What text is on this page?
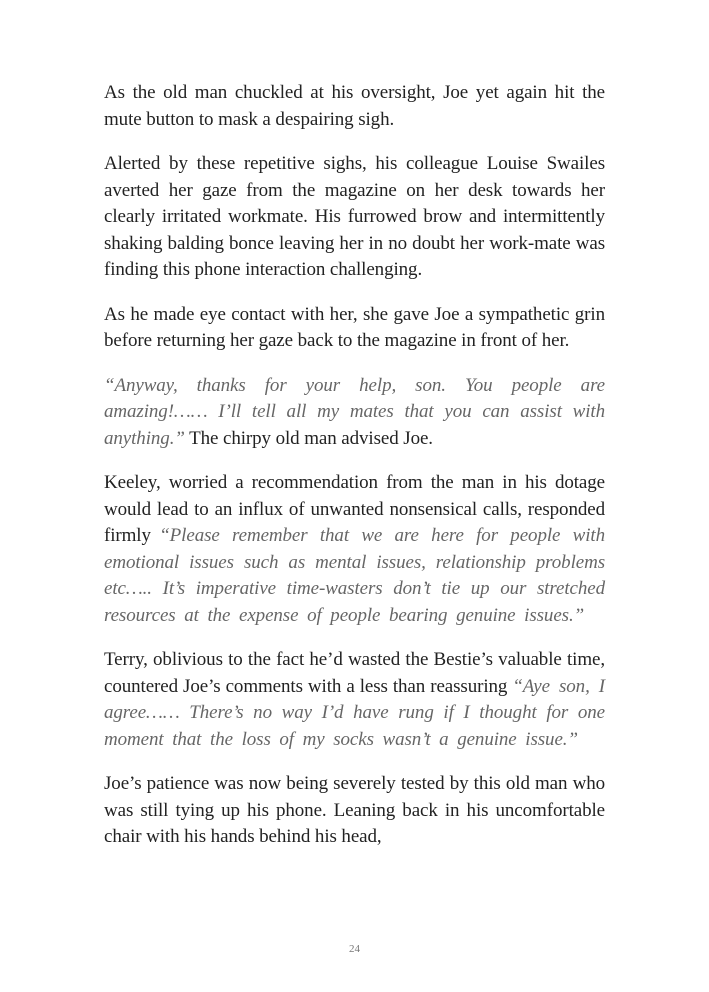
As the old man chuckled at his oversight, Joe yet again hit the mute button to mask a despairing sigh.

Alerted by these repetitive sighs, his colleague Louise Swailes averted her gaze from the magazine on her desk towards her clearly irritated workmate. His furrowed brow and intermittently shaking balding bonce leaving her in no doubt her work-mate was finding this phone interaction challenging.

As he made eye contact with her, she gave Joe a sympathetic grin before returning her gaze back to the magazine in front of her.

“Anyway, thanks for your help, son. You people are amazing!…… I’ll tell all my mates that you can assist with anything.” The chirpy old man advised Joe.

Keeley, worried a recommendation from the man in his dotage would lead to an influx of unwanted nonsensical calls, responded firmly “Please remember that we are here for people with emotional issues such as mental issues, relationship problems etc….. It’s imperative time-wasters don’t tie up our stretched resources at the expense of people bearing genuine issues.”

Terry, oblivious to the fact he’d wasted the Bestie’s valuable time, countered Joe’s comments with a less than reassuring “Aye son, I agree…… There’s no way I’d have rung if I thought for one moment that the loss of my socks wasn’t a genuine issue.”

Joe’s patience was now being severely tested by this old man who was still tying up his phone. Leaning back in his uncomfortable chair with his hands behind his head,

24
